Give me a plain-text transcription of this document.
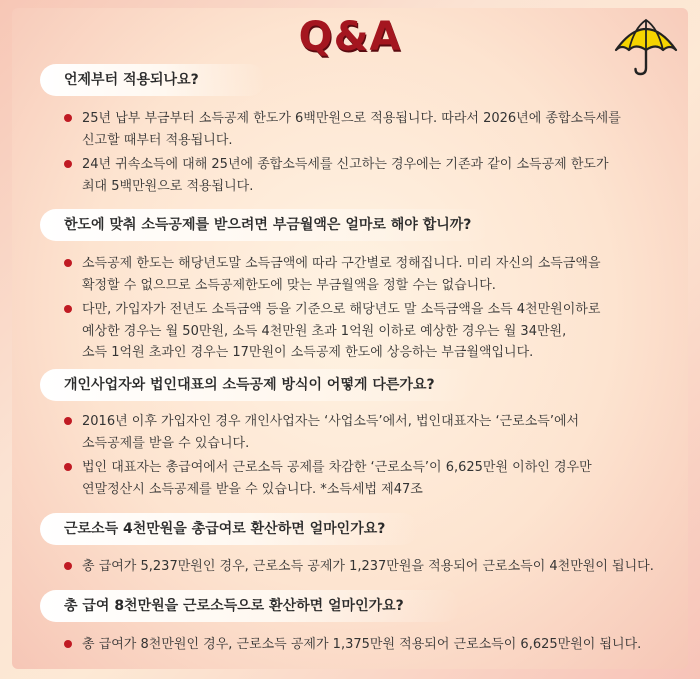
Q&A
언제부터 적용되나요?
25년 납부 부금부터 소득공제 한도가 6백만원으로 적용됩니다. 따라서 2026년에 종합소득세를
신고할 때부터 적용됩니다.
24년 귀속소득에 대해 25년에 종합소득세를 신고하는 경우에는 기존과 같이 소득공제 한도가
최대 5백만원으로 적용됩니다.
한도에 맞춰 소득공제를 받으려면 부금월액은 얼마로 해야 합니까?
소득공제 한도는 해당년도말 소득금액에 따라 구간별로 정해집니다. 미리 자신의 소득금액을
확정할 수 없으므로 소득공제한도에 맞는 부금월액을 정할 수는 없습니다.
다만, 가입자가 전년도 소득금액 등을 기준으로 해당년도 말 소득금액을 소득 4천만원이하로
예상한 경우는 월 50만원, 소득 4천만원 초과 1억원 이하로 예상한 경우는 월 34만원,
소득 1억원 초과인 경우는 17만원이 소득공제 한도에 상응하는 부금월액입니다.
개인사업자와 법인대표의 소득공제 방식이 어떻게 다른가요?
2016년 이후 가입자인 경우 개인사업자는 ‘사업소득’에서, 법인대표자는 ‘근로소득’에서
소득공제를 받을 수 있습니다.
법인 대표자는 총급여에서 근로소득 공제를 차감한 ‘근로소득’이 6,625만원 이하인 경우만
연말정산시 소득공제를 받을 수 있습니다. *소득세법 제47조
근로소득 4천만원을 총급여로 환산하면 얼마인가요?
총 급여가 5,237만원인 경우, 근로소득 공제가 1,237만원을 적용되어 근로소득이 4천만원이 됩니다.
총 급여 8천만원을 근로소득으로 환산하면 얼마인가요?
총 급여가 8천만원인 경우, 근로소득 공제가 1,375만원 적용되어 근로소득이 6,625만원이 됩니다.
